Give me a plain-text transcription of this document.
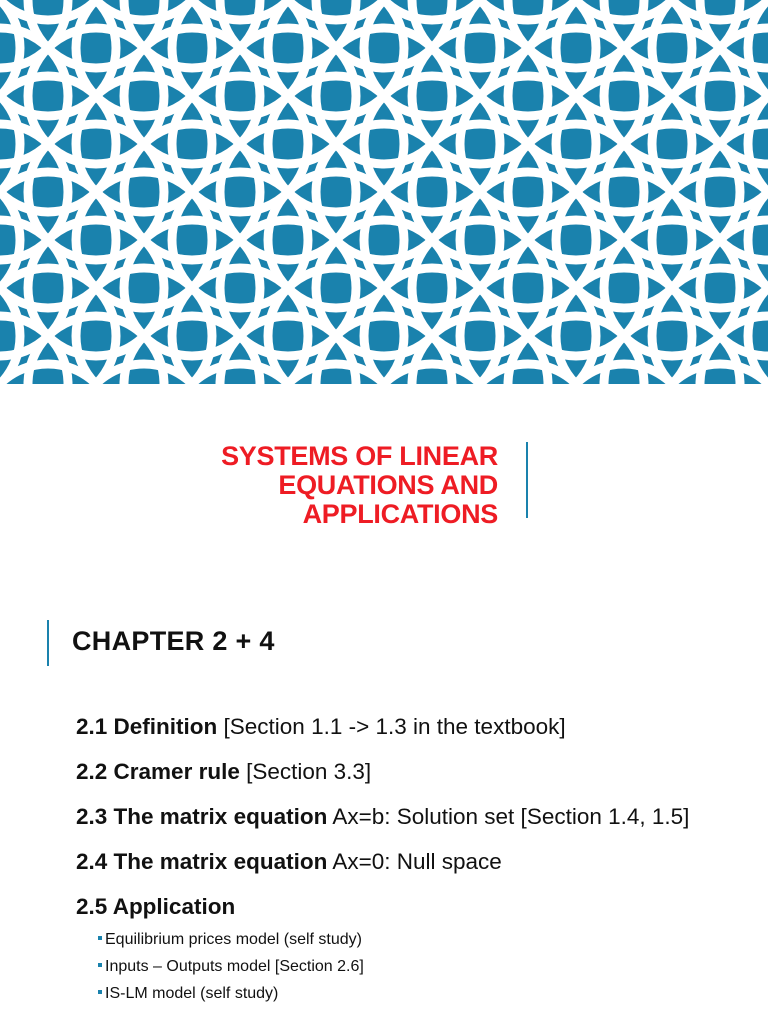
SYSTEMS OF LINEAR
EQUATIONS AND
APPLICATIONS
CHAPTER 2 + 4
2.1 Definition [Section 1.1 -> 1.3 in the textbook]
2.2 Cramer rule [Section 3.3]
2.3 The matrix equation Ax=b: Solution set [Section 1.4, 1.5]
2.4 The matrix equation Ax=0: Null space
2.5 Application
Equilibrium prices model (self study)
Inputs – Outputs model [Section 2.6]
IS-LM model (self study)
